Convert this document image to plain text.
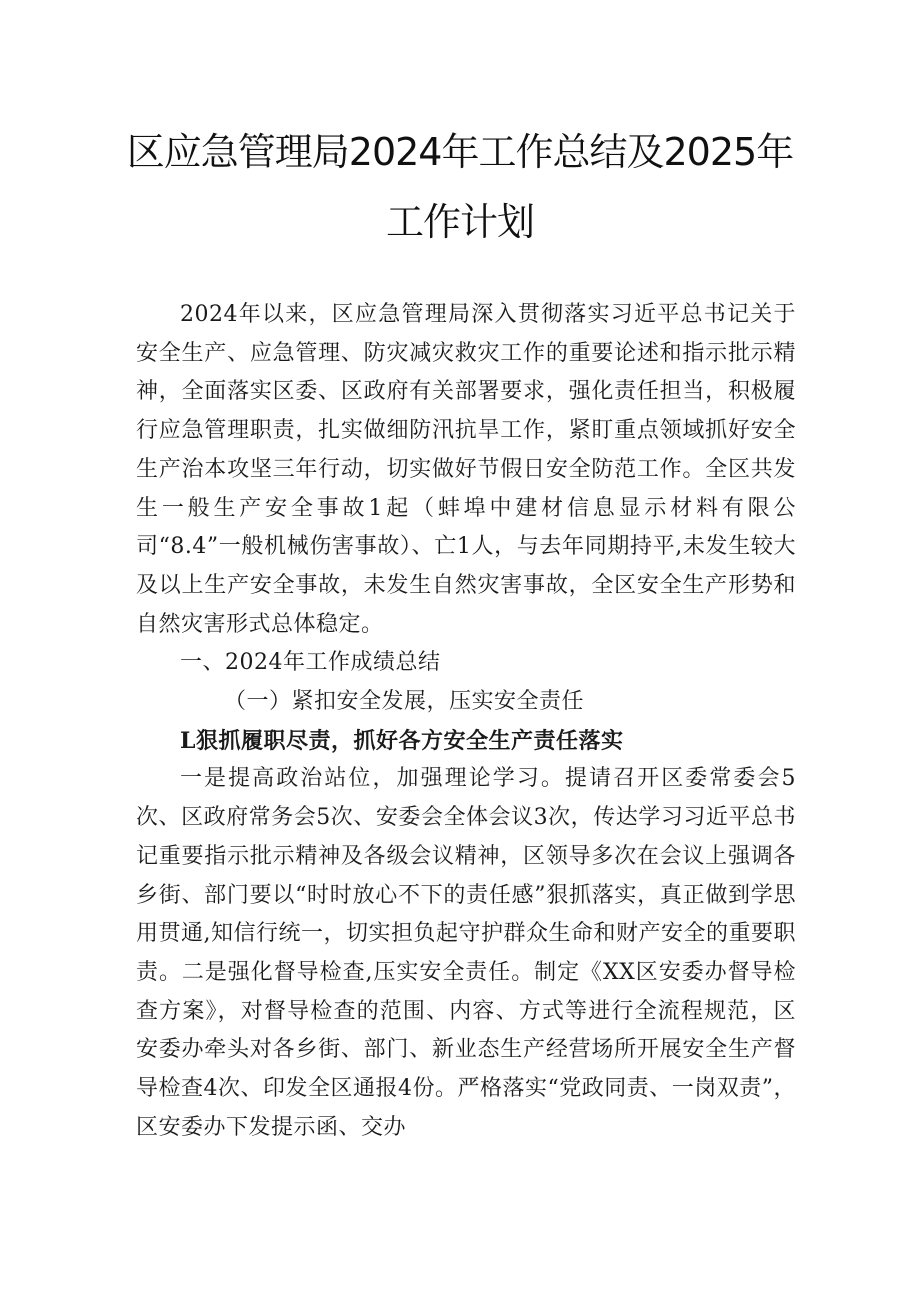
区应急管理局2024年工作总结及2025年
工作计划

2024年以来，区应急管理局深入贯彻落实习近平总书记关于安全生产、应急管理、防灾减灾救灾工作的重要论述和指示批示精神，全面落实区委、区政府有关部署要求，强化责任担当，积极履行应急管理职责，扎实做细防汛抗旱工作，紧盯重点领域抓好安全生产治本攻坚三年行动，切实做好节假日安全防范工作。全区共发生一般生产安全事故1起（蚌埠中建材信息显示材料有限公司“8.4”一般机械伤害事故）、亡1人，与去年同期持平,未发生较大及以上生产安全事故，未发生自然灾害事故，全区安全生产形势和自然灾害形式总体稳定。

一、2024年工作成绩总结

（一）紧扣安全发展，压实安全责任

L狠抓履职尽责，抓好各方安全生产责任落实

一是提高政治站位，加强理论学习。提请召开区委常委会5次、区政府常务会5次、安委会全体会议3次，传达学习习近平总书记重要指示批示精神及各级会议精神，区领导多次在会议上强调各乡街、部门要以“时时放心不下的责任感”狠抓落实，真正做到学思用贯通,知信行统一，切实担负起守护群众生命和财产安全的重要职责。二是强化督导检查,压实安全责任。制定《XX区安委办督导检查方案》，对督导检查的范围、内容、方式等进行全流程规范，区安委办牵头对各乡街、部门、新业态生产经营场所开展安全生产督导检查4次、印发全区通报4份。严格落实“党政同责、一岗双责”，区安委办下发提示函、交办
